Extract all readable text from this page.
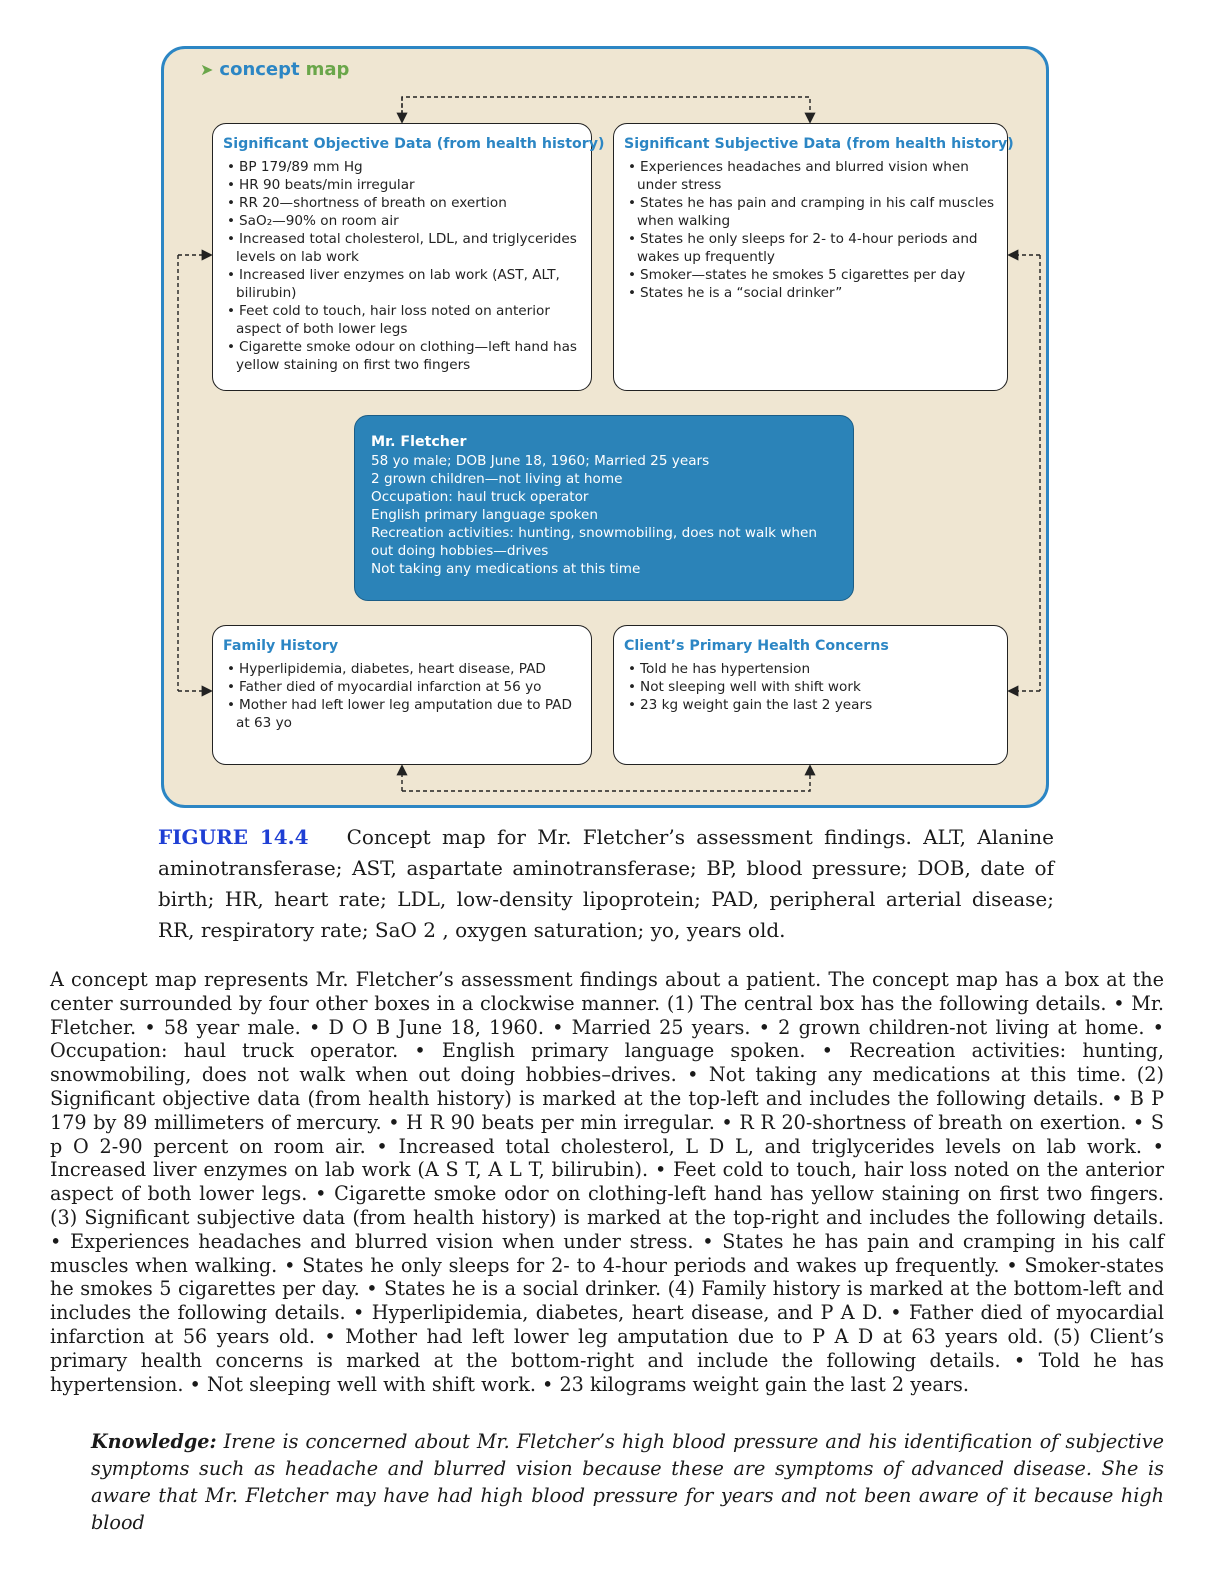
➤ concept map
Significant Objective Data (from health history)
• BP 179/89 mm Hg
• HR 90 beats/min irregular
• RR 20—shortness of breath on exertion
• SaO₂—90% on room air
• Increased total cholesterol, LDL, and triglycerides levels on lab work
• Increased liver enzymes on lab work (AST, ALT, bilirubin)
• Feet cold to touch, hair loss noted on anterior aspect of both lower legs
• Cigarette smoke odour on clothing—left hand has yellow staining on first two fingers
Significant Subjective Data (from health history)
• Experiences headaches and blurred vision when under stress
• States he has pain and cramping in his calf muscles when walking
• States he only sleeps for 2- to 4-hour periods and wakes up frequently
• Smoker—states he smokes 5 cigarettes per day
• States he is a “social drinker”
Mr. Fletcher
58 yo male; DOB June 18, 1960; Married 25 years
2 grown children—not living at home
Occupation: haul truck operator
English primary language spoken
Recreation activities: hunting, snowmobiling, does not walk when out doing hobbies—drives
Not taking any medications at this time
Family History
• Hyperlipidemia, diabetes, heart disease, PAD
• Father died of myocardial infarction at 56 yo
• Mother had left lower leg amputation due to PAD at 63 yo
Client’s Primary Health Concerns
• Told he has hypertension
• Not sleeping well with shift work
• 23 kg weight gain the last 2 years
FIGURE 14.4 Concept map for Mr. Fletcher’s assessment findings. ALT, Alanine aminotransferase; AST, aspartate aminotransferase; BP, blood pressure; DOB, date of birth; HR, heart rate; LDL, low-density lipoprotein; PAD, peripheral arterial disease; RR, respiratory rate; SaO 2 , oxygen saturation; yo, years old.
A concept map represents Mr. Fletcher’s assessment findings about a patient. The concept map has a box at the center surrounded by four other boxes in a clockwise manner. (1) The central box has the following details. • Mr. Fletcher. • 58 year male. • D O B June 18, 1960. • Married 25 years. • 2 grown children-not living at home. • Occupation: haul truck operator. • English primary language spoken. • Recreation activities: hunting, snowmobiling, does not walk when out doing hobbies–drives. • Not taking any medications at this time. (2) Significant objective data (from health history) is marked at the top-left and includes the following details. • B P 179 by 89 millimeters of mercury. • H R 90 beats per min irregular. • R R 20-shortness of breath on exertion. • S p O 2-90 percent on room air. • Increased total cholesterol, L D L, and triglycerides levels on lab work. • Increased liver enzymes on lab work (A S T, A L T, bilirubin). • Feet cold to touch, hair loss noted on the anterior aspect of both lower legs. • Cigarette smoke odor on clothing-left hand has yellow staining on first two fingers. (3) Significant subjective data (from health history) is marked at the top-right and includes the following details. • Experiences headaches and blurred vision when under stress. • States he has pain and cramping in his calf muscles when walking. • States he only sleeps for 2- to 4-hour periods and wakes up frequently. • Smoker-states he smokes 5 cigarettes per day. • States he is a social drinker. (4) Family history is marked at the bottom-left and includes the following details. • Hyperlipidemia, diabetes, heart disease, and P A D. • Father died of myocardial infarction at 56 years old. • Mother had left lower leg amputation due to P A D at 63 years old. (5) Client’s primary health concerns is marked at the bottom-right and include the following details. • Told he has hypertension. • Not sleeping well with shift work. • 23 kilograms weight gain the last 2 years.
Knowledge: Irene is concerned about Mr. Fletcher’s high blood pressure and his identification of subjective symptoms such as headache and blurred vision because these are symptoms of advanced disease. She is aware that Mr. Fletcher may have had high blood pressure for years and not been aware of it because high blood
